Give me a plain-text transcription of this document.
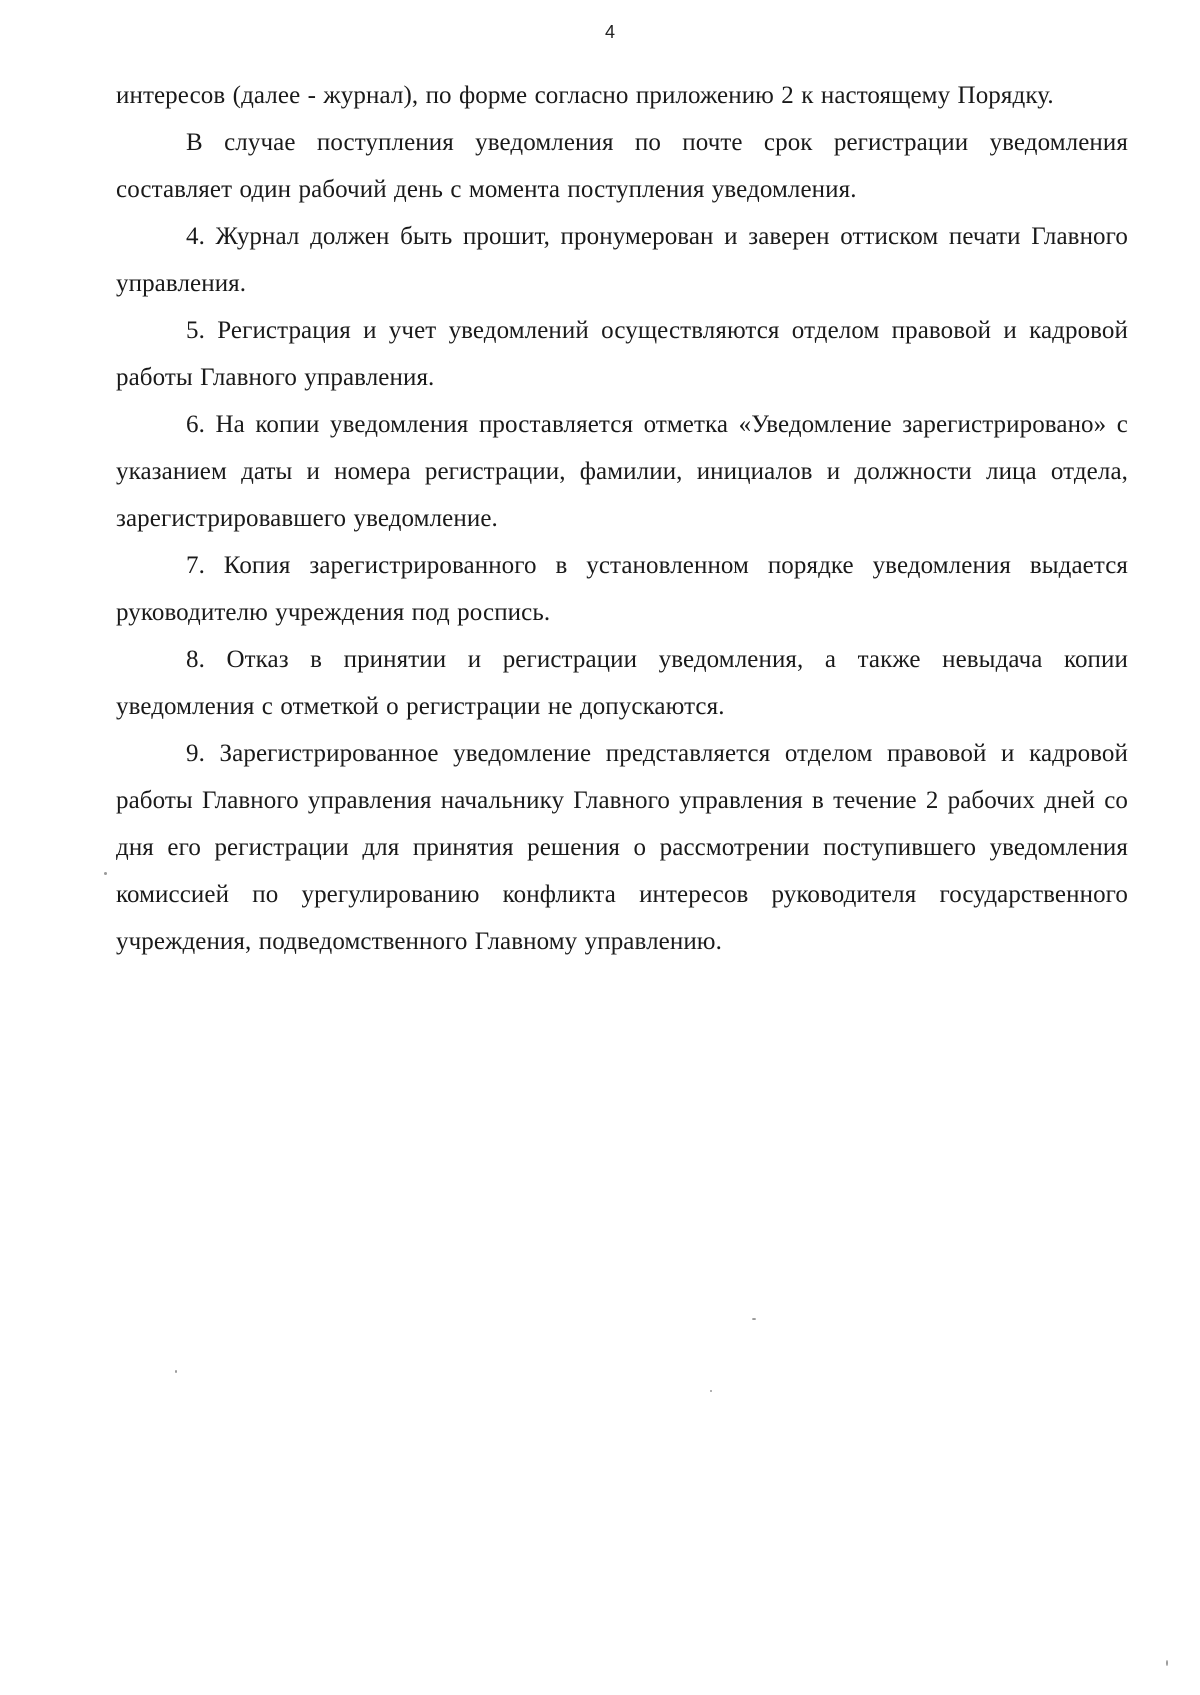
4

интересов (далее - журнал), по форме согласно приложению 2 к настоящему Порядку.

В случае поступления уведомления по почте срок регистрации уведомления составляет один рабочий день с момента поступления уведомления.

4. Журнал должен быть прошит, пронумерован и заверен оттиском печати Главного управления.

5. Регистрация и учет уведомлений осуществляются отделом правовой и кадровой работы Главного управления.

6. На копии уведомления проставляется отметка «Уведомление зарегистрировано» с указанием даты и номера регистрации, фамилии, инициалов и должности лица отдела, зарегистрировавшего уведомление.

7. Копия зарегистрированного в установленном порядке уведомления выдается руководителю учреждения под роспись.

8. Отказ в принятии и регистрации уведомления, а также невыдача копии уведомления с отметкой о регистрации не допускаются.

9. Зарегистрированное уведомление представляется отделом правовой и кадровой работы Главного управления начальнику Главного управления в течение 2 рабочих дней со дня его регистрации для принятия решения о рассмотрении поступившего уведомления комиссией по урегулированию конфликта интересов руководителя государственного учреждения, подведомственного Главному управлению.
